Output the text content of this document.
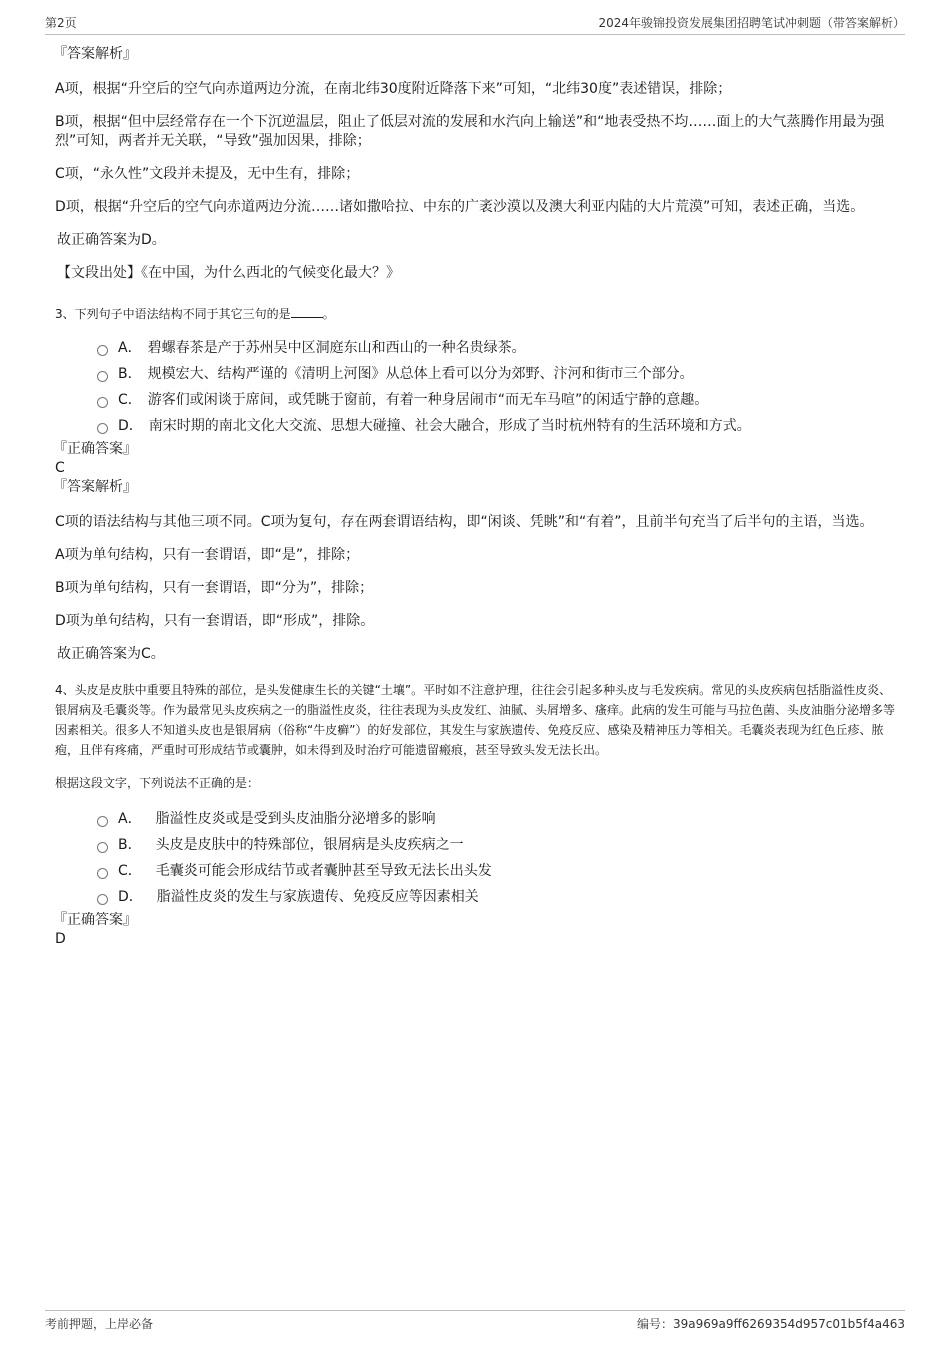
第2页	2024年骏锦投资发展集团招聘笔试冲刺题（带答案解析）
『答案解析』

A项，根据“升空后的空气向赤道两边分流，在南北纬30度附近降落下来”可知，“北纬30度”表述错误，排除；

B项，根据“但中层经常存在一个下沉逆温层，阻止了低层对流的发展和水汽向上输送”和“地表受热不均……面上的大气蒸腾作用最为强烈”可知，两者并无关联，“导致”强加因果，排除；

C项，“永久性”文段并未提及，无中生有，排除；

D项，根据“升空后的空气向赤道两边分流……诸如撒哈拉、中东的广袤沙漠以及澳大利亚内陆的大片荒漠”可知，表述正确，当选。

故正确答案为D。

【文段出处】《在中国，为什么西北的气候变化最大？》

3、下列句子中语法结构不同于其它三句的是	。

A． 碧螺春茶是产于苏州吴中区洞庭东山和西山的一种名贵绿茶。
B． 规模宏大、结构严谨的《清明上河图》从总体上看可以分为郊野、汴河和街市三个部分。
C． 游客们或闲谈于席间，或凭眺于窗前，有着一种身居闹市“而无车马喧”的闲适宁静的意趣。
D． 南宋时期的南北文化大交流、思想大碰撞、社会大融合，形成了当时杭州特有的生活环境和方式。
『正确答案』
C
『答案解析』

C项的语法结构与其他三项不同。C项为复句，存在两套谓语结构，即“闲谈、凭眺”和“有着”，且前半句充当了后半句的主语，当选。

A项为单句结构，只有一套谓语，即“是”，排除；

B项为单句结构，只有一套谓语，即“分为”，排除；

D项为单句结构，只有一套谓语，即“形成”，排除。

故正确答案为C。

4、头皮是皮肤中重要且特殊的部位，是头发健康生长的关键“土壤”。平时如不注意护理，往往会引起多种头皮与毛发疾病。常见的头皮疾病包括脂溢性皮炎、银屑病及毛囊炎等。作为最常见头皮疾病之一的脂溢性皮炎，往往表现为头皮发红、油腻、头屑增多、瘙痒。此病的发生可能与马拉色菌、头皮油脂分泌增多等因素相关。很多人不知道头皮也是银屑病（俗称“牛皮癣”）的好发部位，其发生与家族遗传、免疫反应、感染及精神压力等相关。毛囊炎表现为红色丘疹、脓疱，且伴有疼痛，严重时可形成结节或囊肿，如未得到及时治疗可能遗留瘢痕，甚至导致头发无法长出。

根据这段文字，下列说法不正确的是：

A． 脂溢性皮炎或是受到头皮油脂分泌增多的影响
B． 头皮是皮肤中的特殊部位，银屑病是头皮疾病之一
C． 毛囊炎可能会形成结节或者囊肿甚至导致无法长出头发
D． 脂溢性皮炎的发生与家族遗传、免疫反应等因素相关
『正确答案』
D
考前押题，上岸必备	编号：39a969a9ff6269354d957c01b5f4a463
